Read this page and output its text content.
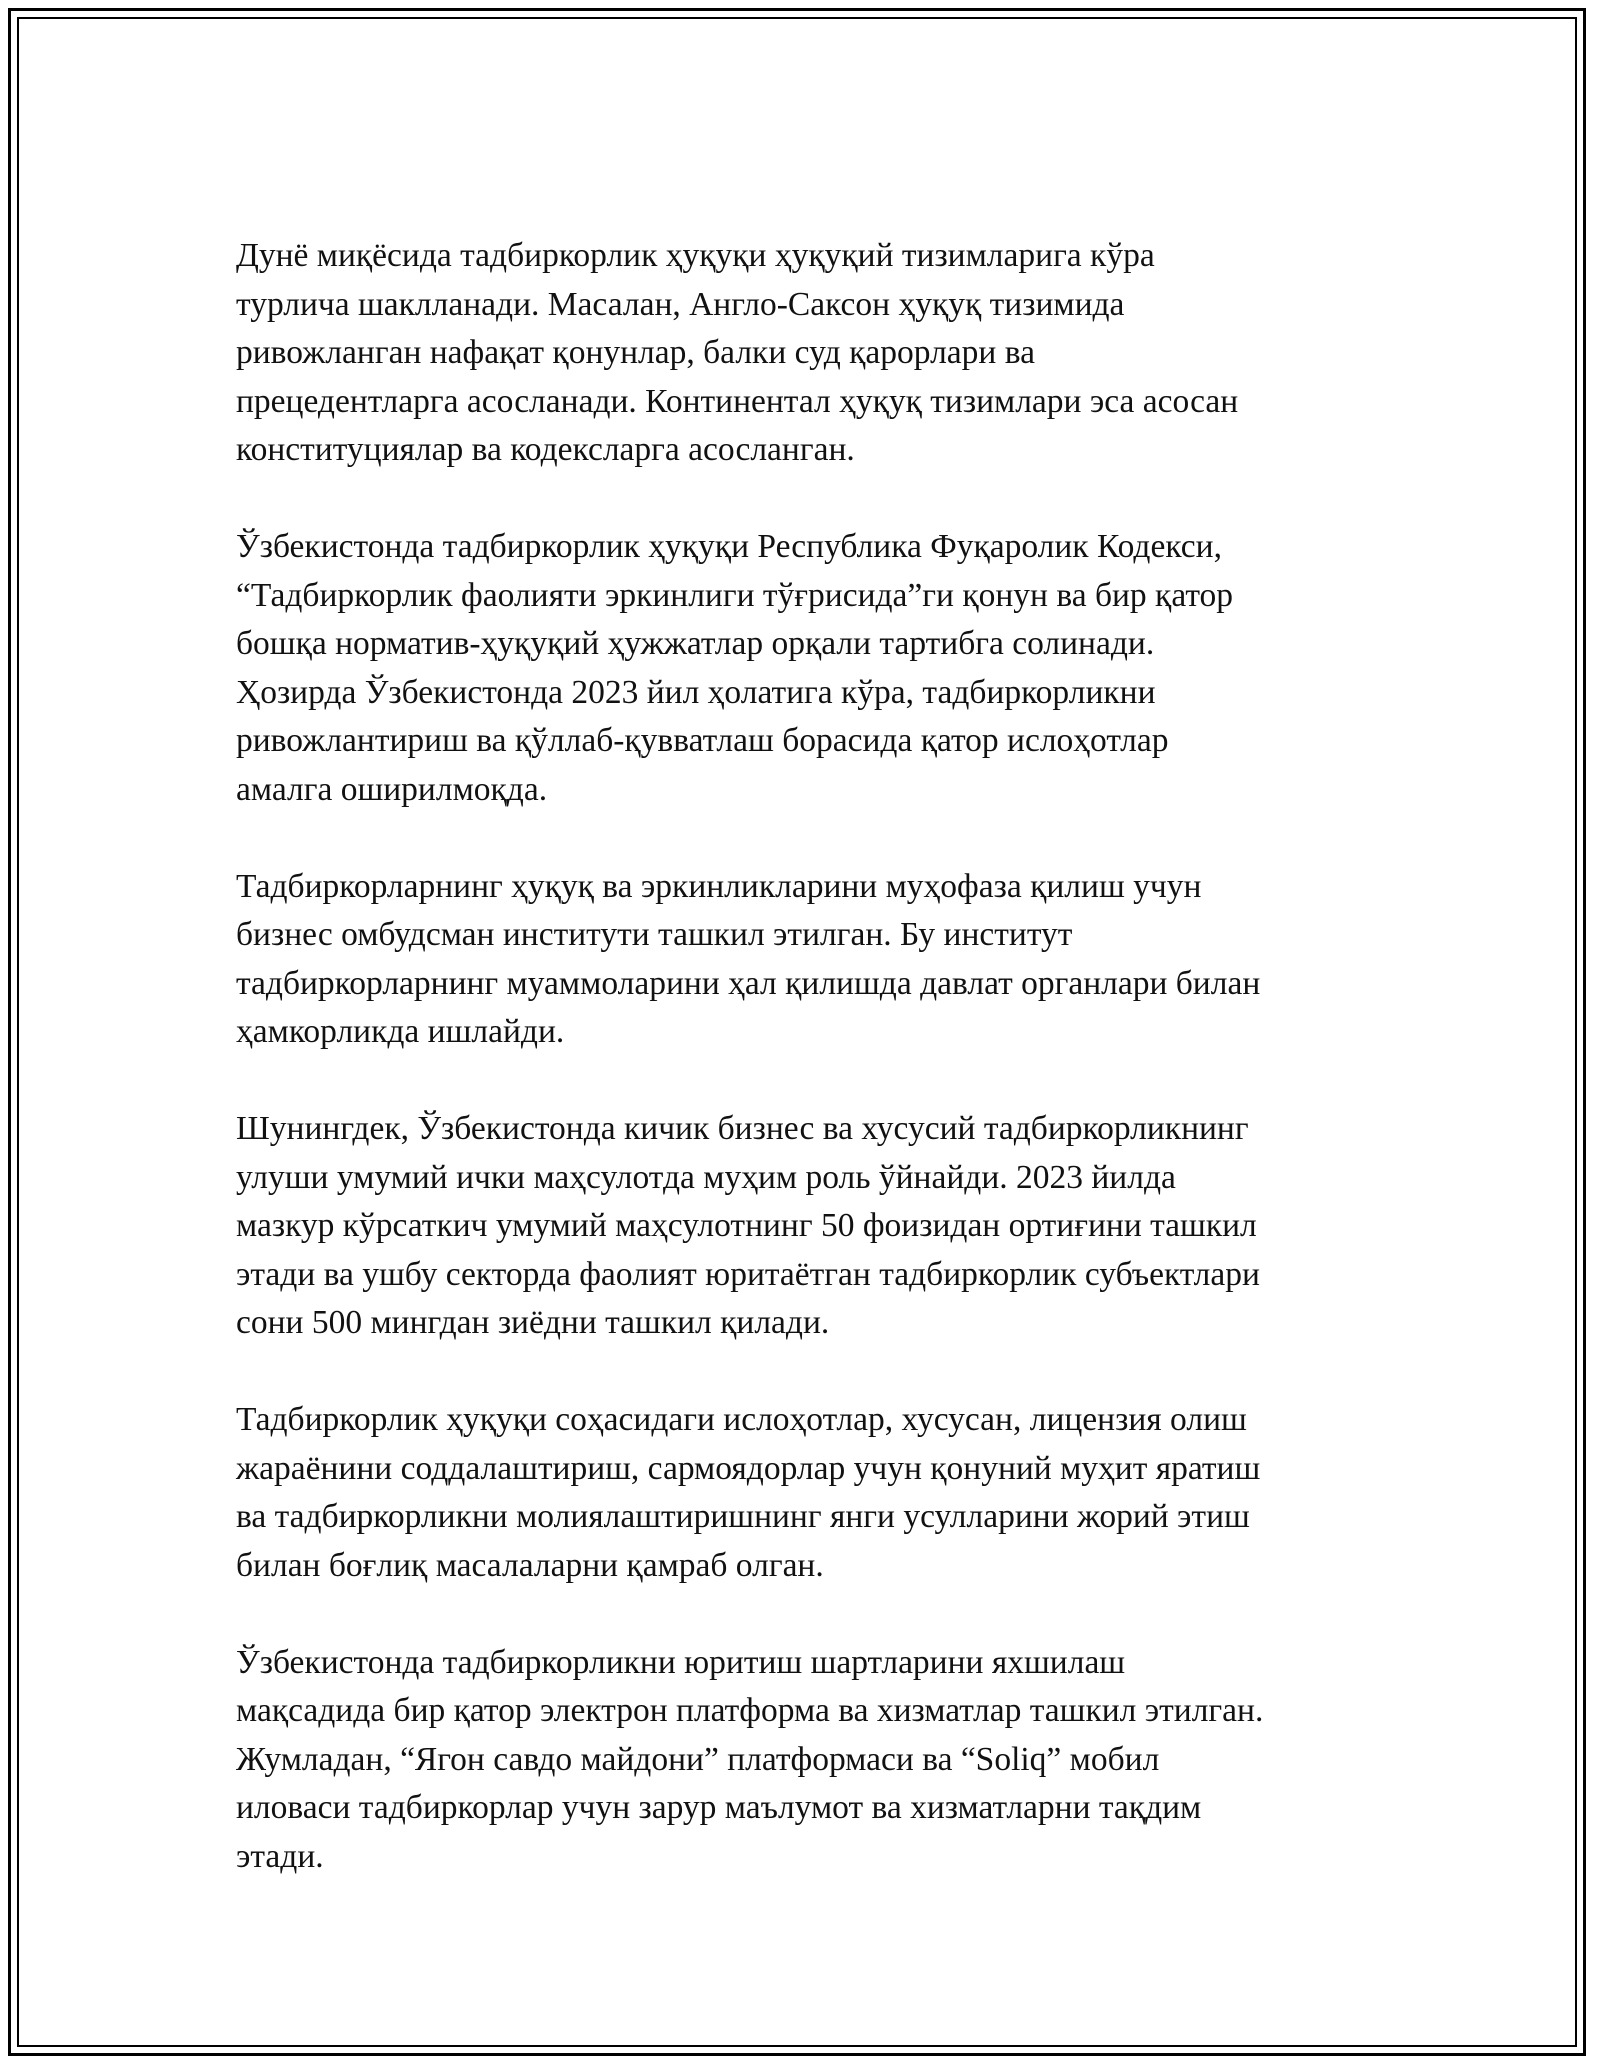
Дунё миқёсида тадбиркорлик ҳуқуқи ҳуқуқий тизимларига кўра
турлича шаклланади. Масалан, Англо-Саксон ҳуқуқ тизимида
ривожланган нафақат қонунлар, балки суд қарорлари ва
прецедентларга асосланади. Континентал ҳуқуқ тизимлари эса асосан
конституциялар ва кодексларга асосланган.

Ўзбекистонда тадбиркорлик ҳуқуқи Республика Фуқаролик Кодекси,
“Тадбиркорлик фаолияти эркинлиги тўғрисида”ги қонун ва бир қатор
бошқа норматив-ҳуқуқий ҳужжатлар орқали тартибга солинади.
Ҳозирда Ўзбекистонда 2023 йил ҳолатига кўра, тадбиркорликни
ривожлантириш ва қўллаб-қувватлаш борасида қатор ислоҳотлар
амалга оширилмоқда.

Тадбиркорларнинг ҳуқуқ ва эркинликларини муҳофаза қилиш учун
бизнес омбудсман институти ташкил этилган. Бу институт
тадбиркорларнинг муаммоларини ҳал қилишда давлат органлари билан
ҳамкорликда ишлайди.

Шунингдек, Ўзбекистонда кичик бизнес ва хусусий тадбиркорликнинг
улуши умумий ички маҳсулотда муҳим роль ўйнайди. 2023 йилда
мазкур кўрсаткич умумий маҳсулотнинг 50 фоизидан ортиғини ташкил
этади ва ушбу секторда фаолият юритаётган тадбиркорлик субъектлари
сони 500 мингдан зиёдни ташкил қилади.

Тадбиркорлик ҳуқуқи соҳасидаги ислоҳотлар, хусусан, лицензия олиш
жараёнини соддалаштириш, сармоядорлар учун қонуний муҳит яратиш
ва тадбиркорликни молиялаштиришнинг янги усулларини жорий этиш
билан боғлиқ масалаларни қамраб олган.

Ўзбекистонда тадбиркорликни юритиш шартларини яхшилаш
мақсадида бир қатор электрон платформа ва хизматлар ташкил этилган.
Жумладан, “Ягон савдо майдони” платформаси ва “Soliq” мобил
иловаси тадбиркорлар учун зарур маълумот ва хизматларни тақдим
этади.
